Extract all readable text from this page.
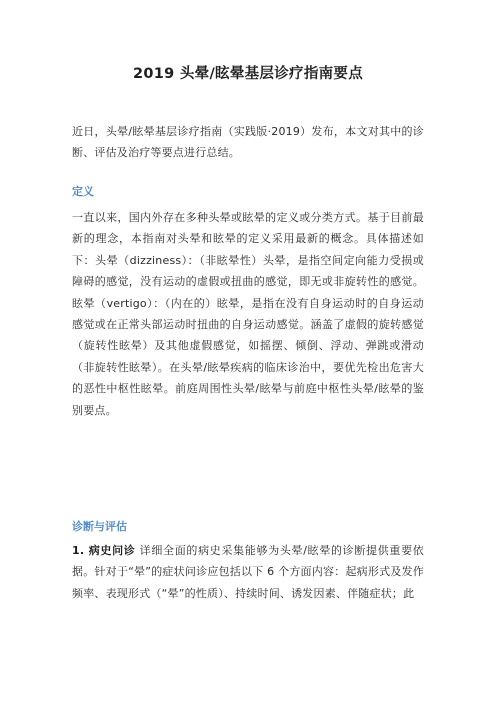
2019 头晕/眩晕基层诊疗指南要点
近日，头晕/眩晕基层诊疗指南（实践版·2019）发布，本文对其中的诊断、评估及治疗等要点进行总结。
定义
一直以来，国内外存在多种头晕或眩晕的定义或分类方式。基于目前最新的理念，本指南对头晕和眩晕的定义采用最新的概念。具体描述如下：头晕（dizziness）：（非眩晕性）头晕，是指空间定向能力受损或障碍的感觉，没有运动的虚假或扭曲的感觉，即无或非旋转性的感觉。眩晕（vertigo）：（内在的）眩晕，是指在没有自身运动时的自身运动感觉或在正常头部运动时扭曲的自身运动感觉。涵盖了虚假的旋转感觉（旋转性眩晕）及其他虚假感觉，如摇摆、倾倒、浮动、弹跳或滑动（非旋转性眩晕）。在头晕/眩晕疾病的临床诊治中，要优先检出危害大的恶性中枢性眩晕。前庭周围性头晕/眩晕与前庭中枢性头晕/眩晕的鉴别要点。
诊断与评估
1. 病史问诊 详细全面的病史采集能够为头晕/眩晕的诊断提供重要依据。针对于“晕”的症状问诊应包括以下 6 个方面内容：起病形式及发作频率、表现形式（“晕”的性质）、持续时间、诱发因素、伴随症状；此
